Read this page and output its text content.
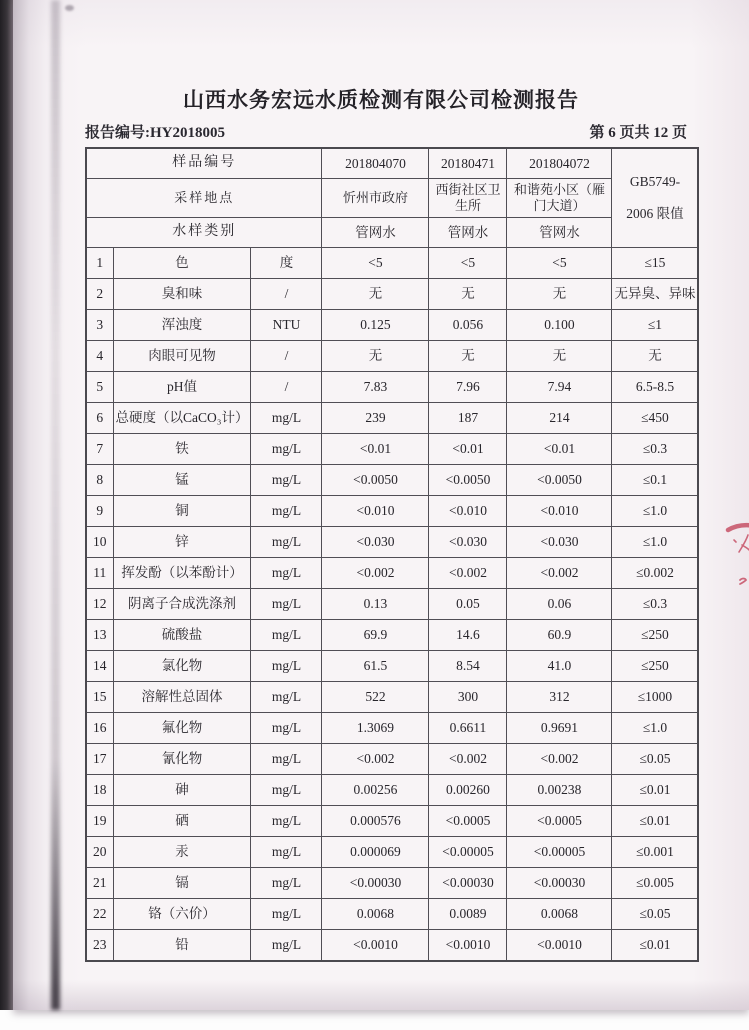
山西水务宏远水质检测有限公司检测报告
报告编号:HY2018005	第 6 页共 12 页
样品编号			201804070	20180471	201804072	GB5749-
2006 限值

采样地点			忻州市政府	西街社区卫生所	和谐苑小区（雁门大道）	
水样类别			管网水	管网水	管网水	
1	色	度	<5	<5	<5	≤15
2	臭和味	/	无	无	无	无异臭、异味
3	浑浊度	NTU	0.125	0.056	0.100	≤1
4	肉眼可见物	/	无	无	无	无
5	pH值	/	7.83	7.96	7.94	6.5-8.5
6	总硬度（以CaCO₃计）	mg/L	239	187	214	≤450
7	铁	mg/L	<0.01	<0.01	<0.01	≤0.3
8	锰	mg/L	<0.0050	<0.0050	<0.0050	≤0.1
9	铜	mg/L	<0.010	<0.010	<0.010	≤1.0
10	锌	mg/L	<0.030	<0.030	<0.030	≤1.0
11	挥发酚（以苯酚计）	mg/L	<0.002	<0.002	<0.002	≤0.002
12	阴离子合成洗涤剂	mg/L	0.13	0.05	0.06	≤0.3
13	硫酸盐	mg/L	69.9	14.6	60.9	≤250
14	氯化物	mg/L	61.5	8.54	41.0	≤250
15	溶解性总固体	mg/L	522	300	312	≤1000
16	氟化物	mg/L	1.3069	0.6611	0.9691	≤1.0
17	氰化物	mg/L	<0.002	<0.002	<0.002	≤0.05
18	砷	mg/L	0.00256	0.00260	0.00238	≤0.01
19	硒	mg/L	0.000576	<0.0005	<0.0005	≤0.01
20	汞	mg/L	0.000069	<0.00005	<0.00005	≤0.001
21	镉	mg/L	<0.00030	<0.00030	<0.00030	≤0.005
22	铬（六价）	mg/L	0.0068	0.0089	0.0068	≤0.05
23	铅	mg/L	<0.0010	<0.0010	<0.0010	≤0.01
